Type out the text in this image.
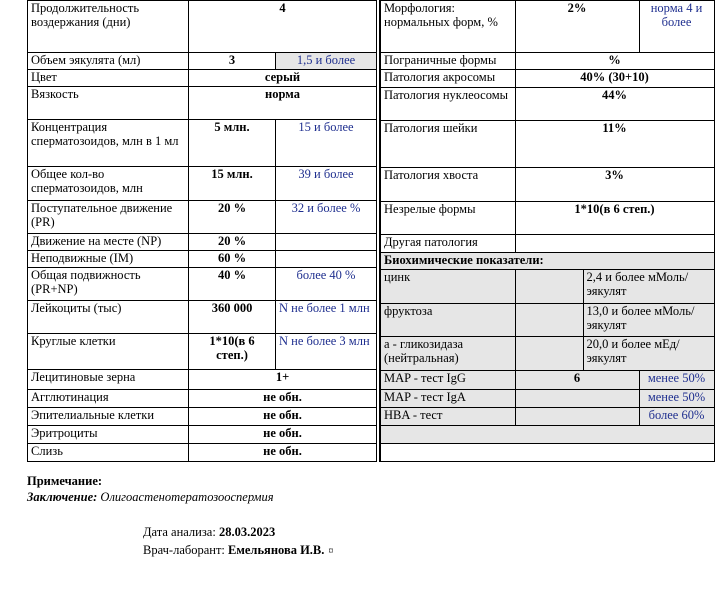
Продолжительность воздержания (дни)	4	
Объем эякулята (мл)	3	1,5 и более
Цвет	серый	
Вязкость	норма	
Концентрация сперматозоидов, млн в 1 мл	5 млн.	15 и более
Общее кол-во сперматозоидов, млн	15 млн.	39 и более
Поступательное движение (PR)	20 %	32 и более %
Движение на месте (NP)	20 %	
Неподвижные (IM)	60 %	
Общая подвижность (PR+NP)	40 %	более 40 %
Лейкоциты (тыс)	360 000	N не более 1 млн
Круглые клетки	1*10(в 6 степ.)	N не более 3 млн
Лецитиновые зерна	1+	
Агглютинация	не обн.	
Эпителиальные клетки	не обн.	
Эритроциты	не обн.	
Слизь	не обн.	
Морфология: нормальных форм, %	2%		норма 4 и более
Пограничные формы	%		
Патология акросомы	40% (30+10)		
Патология нуклеосомы	44%		
Патология шейки	11%		
Патология хвоста	3%		
Незрелые формы	1*10(в 6 степ.)		
Другая патология			
Биохимические показатели:			
цинк		2,4 и более мМоль/эякулят	
фруктоза		13,0 и более мМоль/эякулят	
а - гликозидаза (нейтральная)		20,0 и более мЕд/эякулят	
MAP - тест IgG	6		менее 50%
MAP - тест IgA			менее 50%
HBA - тест			более 60%

Примечание:
Заключение: Олигоастенотератозооспермия
Дата анализа: 28.03.2023
Врач-лаборант: Емельянова И.В. ¤
